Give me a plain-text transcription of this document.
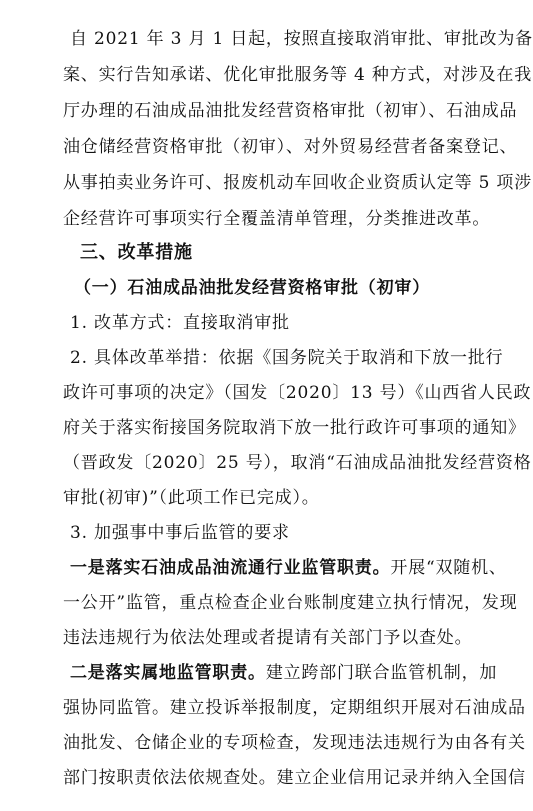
自 2021 年 3 月 1 日起，按照直接取消审批、审批改为备
案、实行告知承诺、优化审批服务等 4 种方式，对涉及在我
厅办理的石油成品油批发经营资格审批（初审）、石油成品
油仓储经营资格审批（初审）、对外贸易经营者备案登记、
从事拍卖业务许可、报废机动车回收企业资质认定等 5 项涉
企经营许可事项实行全覆盖清单管理，分类推进改革。
三、改革措施
（一）石油成品油批发经营资格审批（初审）
1. 改革方式：直接取消审批
2. 具体改革举措：依据《国务院关于取消和下放一批行
政许可事项的决定》（国发〔2020〕13 号）《山西省人民政
府关于落实衔接国务院取消下放一批行政许可事项的通知》
（晋政发〔2020〕25 号），取消“石油成品油批发经营资格
审批(初审)”（此项工作已完成）。
3. 加强事中事后监管的要求
一是落实石油成品油流通行业监管职责。开展“双随机、
一公开”监管，重点检查企业台账制度建立执行情况，发现
违法违规行为依法处理或者提请有关部门予以查处。
二是落实属地监管职责。建立跨部门联合监管机制，加
强协同监管。建立投诉举报制度，定期组织开展对石油成品
油批发、仓储企业的专项检查，发现违法违规行为由各有关
部门按职责依法依规查处。建立企业信用记录并纳入全国信
